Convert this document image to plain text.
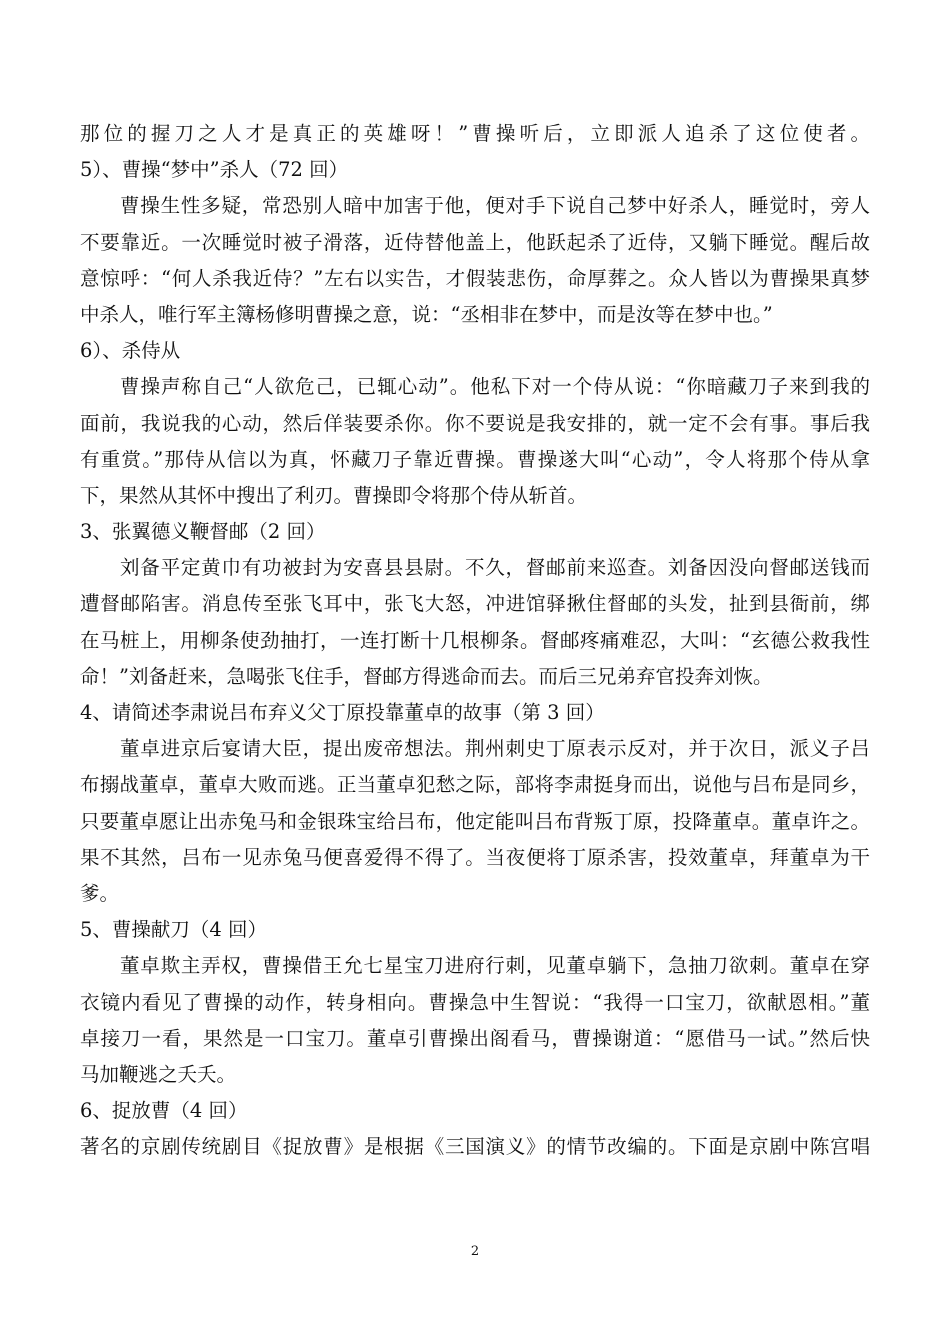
那位的握刀之人才是真正的英雄呀！”曹操听后，立即派人追杀了这位使者。
5）、曹操“梦中”杀人（72 回）
曹操生性多疑，常恐别人暗中加害于他，便对手下说自己梦中好杀人，睡觉时，旁人
不要靠近。一次睡觉时被子滑落，近侍替他盖上，他跃起杀了近侍，又躺下睡觉。醒后故
意惊呼：“何人杀我近侍？”左右以实告，才假装悲伤，命厚葬之。众人皆以为曹操果真梦
中杀人，唯行军主簿杨修明曹操之意，说：“丞相非在梦中，而是汝等在梦中也。”
6）、杀侍从
曹操声称自己“人欲危己，已辄心动”。他私下对一个侍从说：“你暗藏刀子来到我的
面前，我说我的心动，然后佯装要杀你。你不要说是我安排的，就一定不会有事。事后我
有重赏。”那侍从信以为真，怀藏刀子靠近曹操。曹操遂大叫“心动”，令人将那个侍从拿
下，果然从其怀中搜出了利刃。曹操即令将那个侍从斩首。
3、张翼德义鞭督邮（2 回）
刘备平定黄巾有功被封为安喜县县尉。不久，督邮前来巡查。刘备因没向督邮送钱而
遭督邮陷害。消息传至张飞耳中，张飞大怒，冲进馆驿揪住督邮的头发，扯到县衙前，绑
在马桩上，用柳条使劲抽打，一连打断十几根柳条。督邮疼痛难忍，大叫：“玄德公救我性
命！”刘备赶来，急喝张飞住手，督邮方得逃命而去。而后三兄弟弃官投奔刘恢。
4、请简述李肃说吕布弃义父丁原投靠董卓的故事（第 3 回）
董卓进京后宴请大臣，提出废帝想法。荆州刺史丁原表示反对，并于次日，派义子吕
布搦战董卓，董卓大败而逃。正当董卓犯愁之际，部将李肃挺身而出，说他与吕布是同乡，
只要董卓愿让出赤兔马和金银珠宝给吕布，他定能叫吕布背叛丁原，投降董卓。董卓许之。
果不其然，吕布一见赤兔马便喜爱得不得了。当夜便将丁原杀害，投效董卓，拜董卓为干
爹。
5、曹操献刀（4 回）
董卓欺主弄权，曹操借王允七星宝刀进府行刺，见董卓躺下，急抽刀欲刺。董卓在穿
衣镜内看见了曹操的动作，转身相向。曹操急中生智说：“我得一口宝刀，欲献恩相。”董
卓接刀一看，果然是一口宝刀。董卓引曹操出阁看马，曹操谢道：“愿借马一试。”然后快
马加鞭逃之夭夭。
6、捉放曹（4 回）
著名的京剧传统剧目《捉放曹》是根据《三国演义》的情节改编的。下面是京剧中陈宫唱
2
